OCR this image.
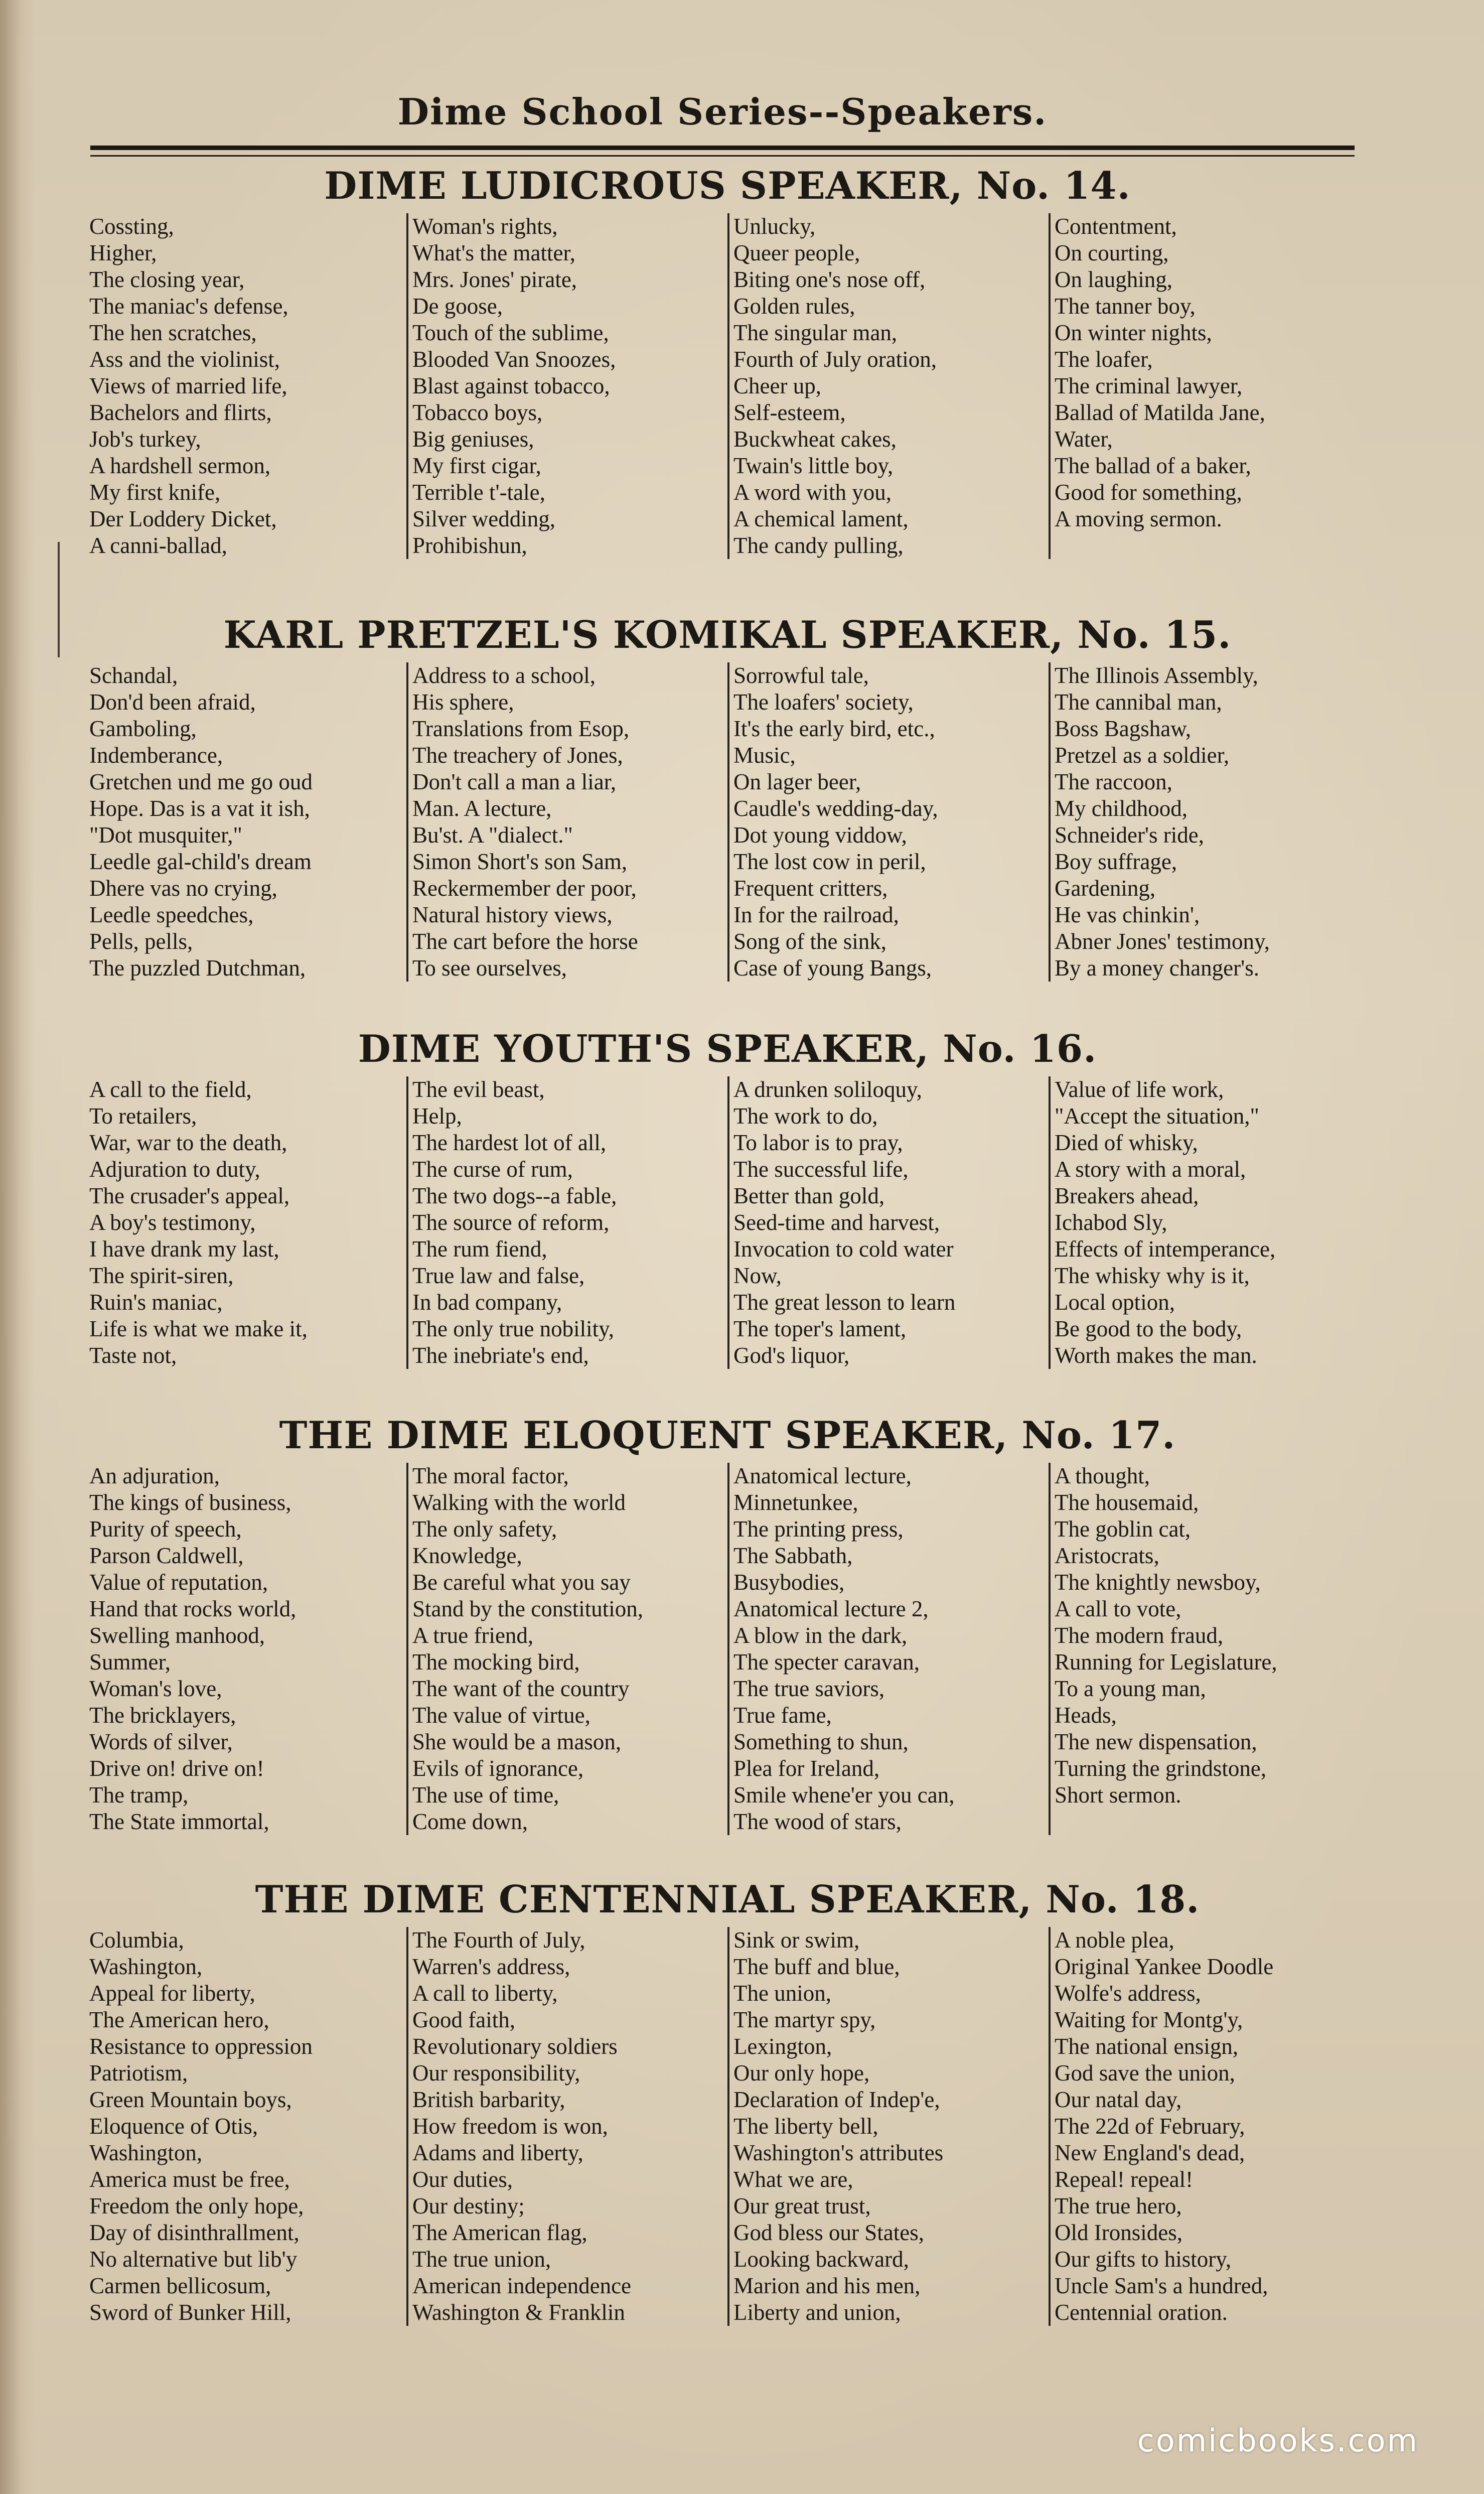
Dime School Series--Speakers.
DIME LUDICROUS SPEAKER, No. 14.
Cossting,
Higher,
The closing year,
The maniac's defense,
The hen scratches,
Ass and the violinist,
Views of married life,
Bachelors and flirts,
Job's turkey,
A hardshell sermon,
My first knife,
Der Loddery Dicket,
A canni-ballad,
Woman's rights,
What's the matter,
Mrs. Jones' pirate,
De goose,
Touch of the sublime,
Blooded Van Snoozes,
Blast against tobacco,
Tobacco boys,
Big geniuses,
My first cigar,
Terrible t'-tale,
Silver wedding,
Prohibishun,
Unlucky,
Queer people,
Biting one's nose off,
Golden rules,
The singular man,
Fourth of July oration,
Cheer up,
Self-esteem,
Buckwheat cakes,
Twain's little boy,
A word with you,
A chemical lament,
The candy pulling,
Contentment,
On courting,
On laughing,
The tanner boy,
On winter nights,
The loafer,
The criminal lawyer,
Ballad of Matilda Jane,
Water,
The ballad of a baker,
Good for something,
A moving sermon.
KARL PRETZEL'S KOMIKAL SPEAKER, No. 15.
Schandal,
Don'd been afraid,
Gamboling,
Indemberance,
Gretchen und me go oud
Hope. Das is a vat it ish,
"Dot musquiter,"
Leedle gal-child's dream
Dhere vas no crying,
Leedle speedches,
Pells, pells,
The puzzled Dutchman,
Address to a school,
His sphere,
Translations from Esop,
The treachery of Jones,
Don't call a man a liar,
Man. A lecture,
Bu'st. A "dialect."
Simon Short's son Sam,
Reckermember der poor,
Natural history views,
The cart before the horse
To see ourselves,
Sorrowful tale,
The loafers' society,
It's the early bird, etc.,
Music,
On lager beer,
Caudle's wedding-day,
Dot young viddow,
The lost cow in peril,
Frequent critters,
In for the railroad,
Song of the sink,
Case of young Bangs,
The Illinois Assembly,
The cannibal man,
Boss Bagshaw,
Pretzel as a soldier,
The raccoon,
My childhood,
Schneider's ride,
Boy suffrage,
Gardening,
He vas chinkin',
Abner Jones' testimony,
By a money changer's.
DIME YOUTH'S SPEAKER, No. 16.
A call to the field,
To retailers,
War, war to the death,
Adjuration to duty,
The crusader's appeal,
A boy's testimony,
I have drank my last,
The spirit-siren,
Ruin's maniac,
Life is what we make it,
Taste not,
The evil beast,
Help,
The hardest lot of all,
The curse of rum,
The two dogs--a fable,
The source of reform,
The rum fiend,
True law and false,
In bad company,
The only true nobility,
The inebriate's end,
A drunken soliloquy,
The work to do,
To labor is to pray,
The successful life,
Better than gold,
Seed-time and harvest,
Invocation to cold water
Now,
The great lesson to learn
The toper's lament,
God's liquor,
Value of life work,
"Accept the situation,"
Died of whisky,
A story with a moral,
Breakers ahead,
Ichabod Sly,
Effects of intemperance,
The whisky why is it,
Local option,
Be good to the body,
Worth makes the man.
THE DIME ELOQUENT SPEAKER, No. 17.
An adjuration,
The kings of business,
Purity of speech,
Parson Caldwell,
Value of reputation,
Hand that rocks world,
Swelling manhood,
Summer,
Woman's love,
The bricklayers,
Words of silver,
Drive on! drive on!
The tramp,
The State immortal,
The moral factor,
Walking with the world
The only safety,
Knowledge,
Be careful what you say
Stand by the constitution,
A true friend,
The mocking bird,
The want of the country
The value of virtue,
She would be a mason,
Evils of ignorance,
The use of time,
Come down,
Anatomical lecture,
Minnetunkee,
The printing press,
The Sabbath,
Busybodies,
Anatomical lecture 2,
A blow in the dark,
The specter caravan,
The true saviors,
True fame,
Something to shun,
Plea for Ireland,
Smile whene'er you can,
The wood of stars,
A thought,
The housemaid,
The goblin cat,
Aristocrats,
The knightly newsboy,
A call to vote,
The modern fraud,
Running for Legislature,
To a young man,
Heads,
The new dispensation,
Turning the grindstone,
Short sermon.
THE DIME CENTENNIAL SPEAKER, No. 18.
Columbia,
Washington,
Appeal for liberty,
The American hero,
Resistance to oppression
Patriotism,
Green Mountain boys,
Eloquence of Otis,
Washington,
America must be free,
Freedom the only hope,
Day of disinthrallment,
No alternative but lib'y
Carmen bellicosum,
Sword of Bunker Hill,
The Fourth of July,
Warren's address,
A call to liberty,
Good faith,
Revolutionary soldiers
Our responsibility,
British barbarity,
How freedom is won,
Adams and liberty,
Our duties,
Our destiny;
The American flag,
The true union,
American independence
Washington & Franklin
Sink or swim,
The buff and blue,
The union,
The martyr spy,
Lexington,
Our only hope,
Declaration of Indep'e,
The liberty bell,
Washington's attributes
What we are,
Our great trust,
God bless our States,
Looking backward,
Marion and his men,
Liberty and union,
A noble plea,
Original Yankee Doodle
Wolfe's address,
Waiting for Montg'y,
The national ensign,
God save the union,
Our natal day,
The 22d of February,
New England's dead,
Repeal! repeal!
The true hero,
Old Ironsides,
Our gifts to history,
Uncle Sam's a hundred,
Centennial oration.
comicbooks.com
